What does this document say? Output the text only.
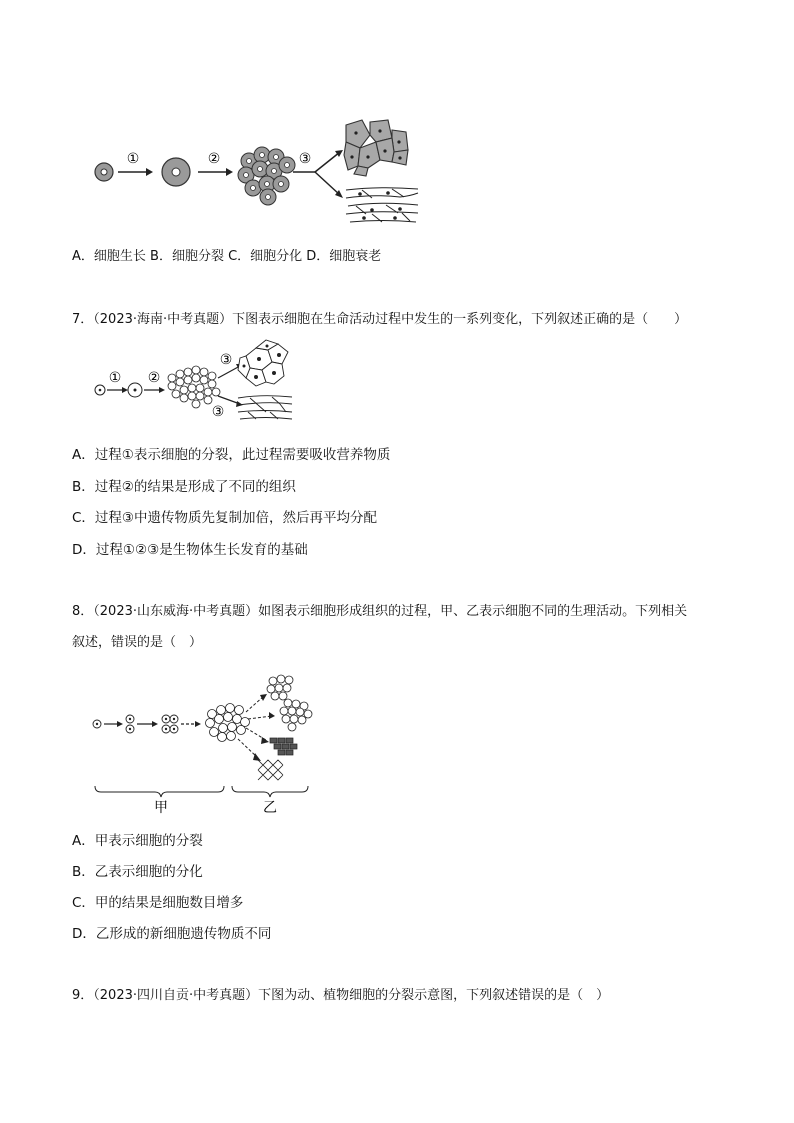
①	②	③
A．细胞生长 B．细胞分裂 C．细胞分化 D．细胞衰老
7．（2023·海南·中考真题）下图表示细胞在生命活动过程中发生的一系列变化，下列叙述正确的是（　　）
① ②
③
③
A．过程①表示细胞的分裂，此过程需要吸收营养物质
B．过程②的结果是形成了不同的组织
C．过程③中遗传物质先复制加倍，然后再平均分配
D．过程①②③是生物体生长发育的基础
8．（2023·山东威海·中考真题）如图表示细胞形成组织的过程，甲、乙表示细胞不同的生理活动。下列相关
叙述，错误的是（　）
甲	乙
A．甲表示细胞的分裂
B．乙表示细胞的分化
C．甲的结果是细胞数目增多
D．乙形成的新细胞遗传物质不同
9．（2023·四川自贡·中考真题）下图为动、植物细胞的分裂示意图，下列叙述错误的是（　）
